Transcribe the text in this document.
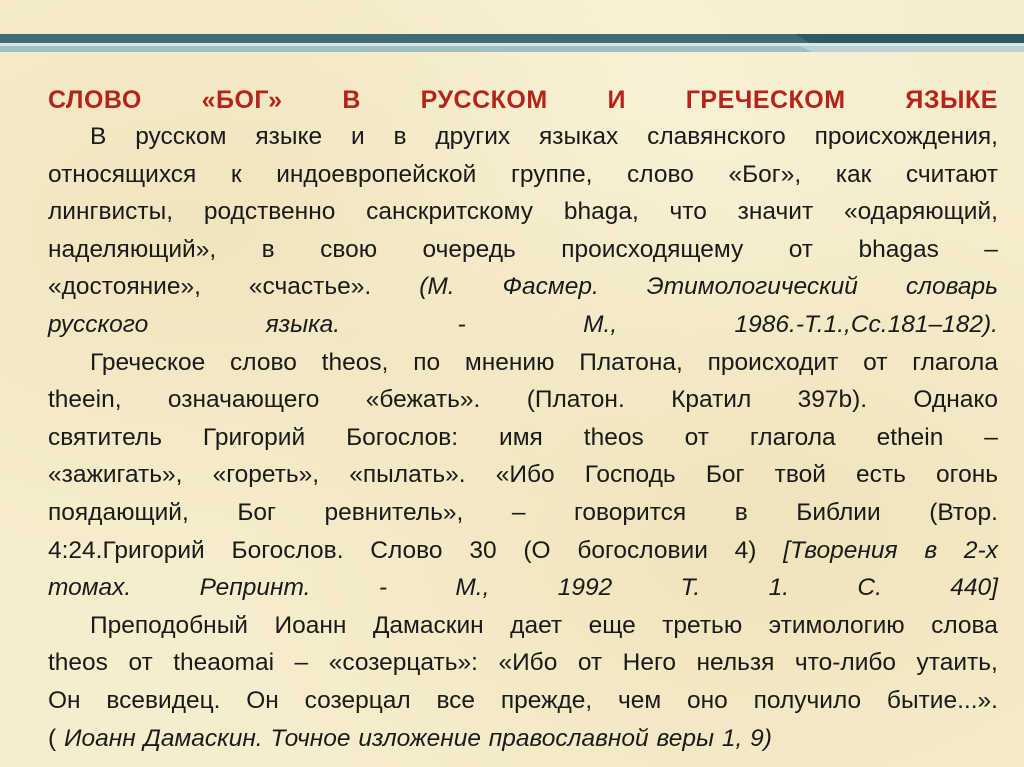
СЛОВО «БОГ» В РУССКОМ И ГРЕЧЕСКОМ ЯЗЫКЕ
В русском языке и в других языках славянского происхождения,
относящихся к индоевропейской группе, слово «Бог», как считают
лингвисты, родственно санскритскому bhaga, что значит «одаряющий,
наделяющий», в свою очередь происходящему от bhagas –
«достояние», «счастье». (М. Фасмер. Этимологический словарь
русского	языка.	-	М.,	1986.-Т.1.,Сс.181–182).
Греческое слово theos, по мнению Платона, происходит от глагола
theein, означающего «бежать». (Платон. Кратил 397b). Однако
святитель Григорий Богослов: имя theos от глагола ethein –
«зажигать», «гореть», «пылать». «Ибо Господь Бог твой есть огонь
поядающий, Бог ревнитель», – говорится в Библии (Втор.
4:24.Григорий Богослов. Слово 30 (О богословии 4) [Творения в 2-х
томах.	Репринт.	-	М.,	1992	Т.	1.	С.	440]
Преподобный Иоанн Дамаскин дает еще третью этимологию слова
theos от theaomai – «созерцать»: «Ибо от Него нельзя что-либо утаить,
Он всевидец. Он созерцал все прежде, чем оно получило бытие...».
( Иоанн Дамаскин. Точное изложение православной веры 1, 9)
